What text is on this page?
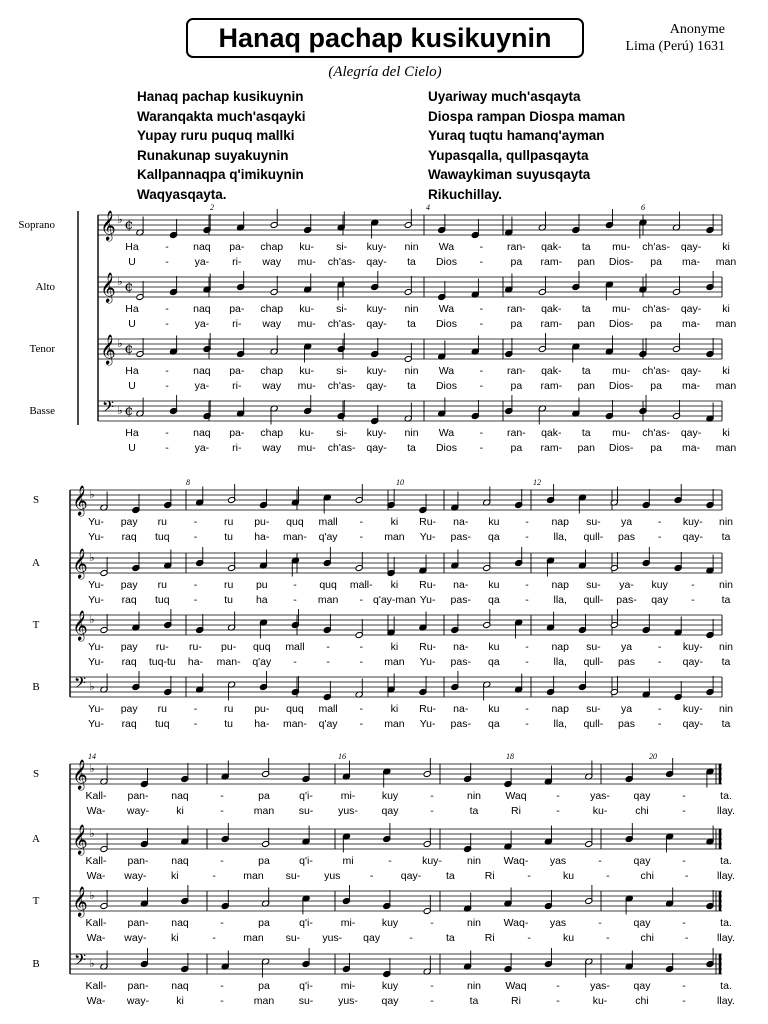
Hanaq pachap kusikuynin	Anonyme
Lima (Perú) 1631
(Alegría del Cielo)
Hanaq pachap kusikuynin
Waranqakta much'asqayki
Yupay ruru puquq mallki
Runakunap suyakuynin
Kallpannaqpa q'imikuynin
Waqyasqayta.
Uyariway much'asqayta
Diospa rampan Diospa maman
Yuraq tuqtu hamanq'ayman
Yupasqalla, qullpasqayta
Wawaykiman suyusqayta
Rikuchillay.
Soprano 𝄞 ♭ ¢
Ha	- naq pa- chap ku- si- kuy- nin Wa - ran- qak- ta mu- ch'as- qay- ki
U	- ya- ri- way mu- ch'as- qay- ta Dios -	pa ram- pan Dios- pa ma- man
Alto 𝄞 ♭ ¢
Ha	- naq pa- chap ku- si- kuy- nin Wa - ran- qak- ta mu- ch'as- qay- ki
U	- ya- ri- way mu- ch'as- qay- ta Dios -	pa ram- pan Dios- pa ma- man
Tenor 𝄞 ♭ ¢
Ha	- naq pa- chap ku- si- kuy- nin Wa - ran- qak- ta mu- ch'as- qay- ki
U	- ya- ri- way mu- ch'as- qay- ta Dios -	pa ram- pan Dios- pa ma- man
Basse 𝄢 ♭ ¢
Ha	- naq pa- chap ku- si- kuy- nin Wa - ran- qak- ta mu- ch'as- qay- ki
U	- ya- ri- way mu- ch'as- qay- ta Dios -	pa ram- pan Dios- pa ma- man
2	4	6
S 𝄞 ♭
Yu- pay ru	-	ru pu- quq mall -	ki Ru- na- ku - nap su- ya - kuy- nin
Yu- raq tuq -	tu ha- man- q'ay - man Yu- pas- qa - lla, qull- pas - qay- ta
A 𝄞 ♭
Yu- pay ru	-	ru pu - quq mall- ki Ru- na- ku - nap su- ya- kuy - nin
Yu- raq tuq -	tu ha - man - q'ay-man Yu- pas- qa - lla, qull- pas- qay -	ta
T 𝄞 ♭
Yu- pay ru- ru- pu- quq mall -	-	ki Ru- na- ku - nap su- ya - kuy- nin
Yu- raq tuq-tu ha- man- q'ay -	-	- man Yu- pas- qa - lla, qull- pas - qay- ta
B 𝄢 ♭
Yu- pay ru	-	ru pu- quq mall -	ki Ru- na- ku - nap su- ya - kuy- nin
Yu- raq tuq -	tu ha- man- q'ay - man Yu- pas- qa - lla, qull- pas - qay- ta
8	10	12
S 𝄞 ♭
Kall- pan- naq	-	pa	q'i-	mi-	kuy	-	nin Waq	-	yas- qay	-	ta.
Wa- way-	ki	-	man su- yus- qay	-	ta	Ri	-	ku-	chi	-	llay.
A 𝄞 ♭
Kall- pan- naq	-	pa	q'i-	mi	-	kuy- nin Waq- yas	-	qay	-	ta.
Wa- way- ki	-	man su- yus	-	qay- ta	Ri	-	ku	-	chi	-	llay.
T 𝄞 ♭
Kall- pan- naq	-	pa	q'i-	mi-	kuy	-	nin Waq- yas	-	qay	-	ta.
Wa- way- ki	-	man su- yus- qay	-	ta	Ri	-	ku	-	chi	-	llay.
B 𝄢 ♭
Kall- pan- naq	-	pa	q'i-	mi-	kuy	-	nin Waq	-	yas- qay	-	ta.
Wa- way-	ki	-	man su- yus- qay	-	ta	Ri	-	ku-	chi	-	llay.
14	16	18	20
